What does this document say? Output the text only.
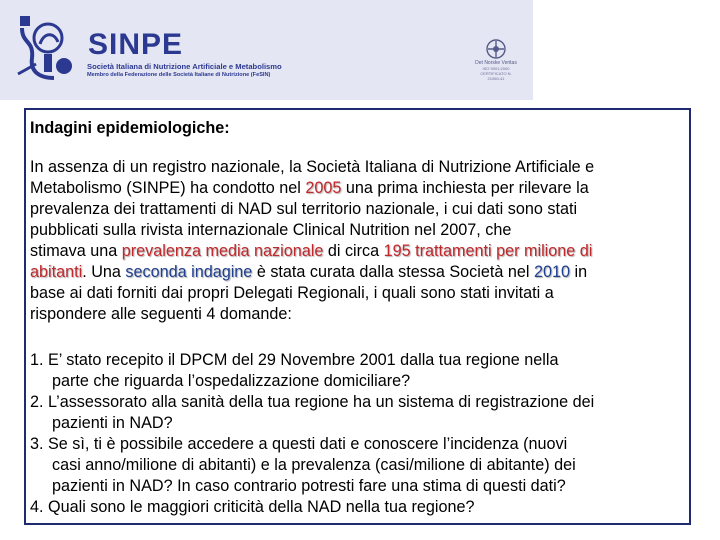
SINPE

Società Italiana di Nutrizione Artificiale e Metabolismo

Membro della Federazione delle Società Italiane di Nutrizione (FeSIN)

Det Norske Veritas
ISO 9001:2000
CERTIFICATO N.
21060-41
Indagini epidemiologiche:
In assenza di un registro nazionale, la Società Italiana di Nutrizione Artificiale e
Metabolismo (SINPE) ha condotto nel 2005 una prima inchiesta per rilevare la
prevalenza dei trattamenti di NAD sul territorio nazionale, i cui dati sono stati
pubblicati sulla rivista internazionale Clinical Nutrition nel 2007, che
stimava una prevalenza media nazionale di circa 195 trattamenti per milione di
abitanti. Una seconda indagine è stata curata dalla stessa Società nel 2010 in
base ai dati forniti dai propri Delegati Regionali, i quali sono stati invitati a
rispondere alle seguenti 4 domande:
1. E’ stato recepito il DPCM del 29 Novembre 2001 dalla tua regione nella
parte che riguarda l’ospedalizzazione domiciliare?
2. L’assessorato alla sanità della tua regione ha un sistema di registrazione dei
pazienti in NAD?
3. Se sì, ti è possibile accedere a questi dati e conoscere l’incidenza (nuovi
casi anno/milione di abitanti) e la prevalenza (casi/milione di abitante) dei
pazienti in NAD? In caso contrario potresti fare una stima di questi dati?
4. Quali sono le maggiori criticità della NAD nella tua regione?
